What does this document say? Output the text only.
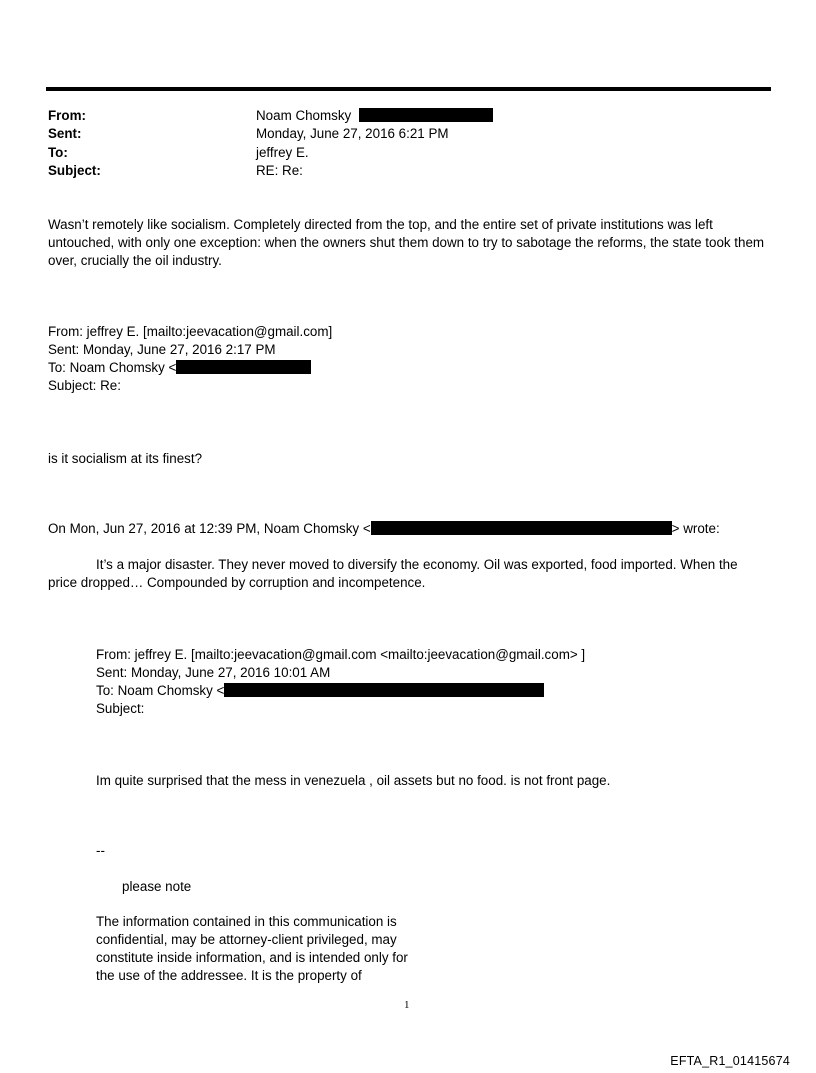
From:	Noam Chomsky
Sent:	Monday, June 27, 2016 6:21 PM
To:	jeffrey E.
Subject:	RE: Re:
Wasn’t remotely like socialism. Completely directed from the top, and the entire set of private institutions was left untouched, with only one exception: when the owners shut them down to try to sabotage the reforms, the state took them over, crucially the oil industry.
From: jeffrey E. [mailto:jeevacation@gmail.com]
Sent: Monday, June 27, 2016 2:17 PM
To: Noam Chomsky <
Subject: Re:
is it socialism at its finest?
On Mon, Jun 27, 2016 at 12:39 PM, Noam Chomsky <	> wrote:
It’s a major disaster. They never moved to diversify the economy. Oil was exported, food imported. When the price dropped… Compounded by corruption and incompetence.
From: jeffrey E. [mailto:jeevacation@gmail.com <mailto:jeevacation@gmail.com> ]
Sent: Monday, June 27, 2016 10:01 AM
To: Noam Chomsky <
Subject:
Im quite surprised that the mess in venezuela , oil assets but no food. is not front page.
--
please note
The information contained in this communication is confidential, may be attorney-client privileged, may constitute inside information, and is intended only for the use of the addressee. It is the property of
1
EFTA_R1_01415674
